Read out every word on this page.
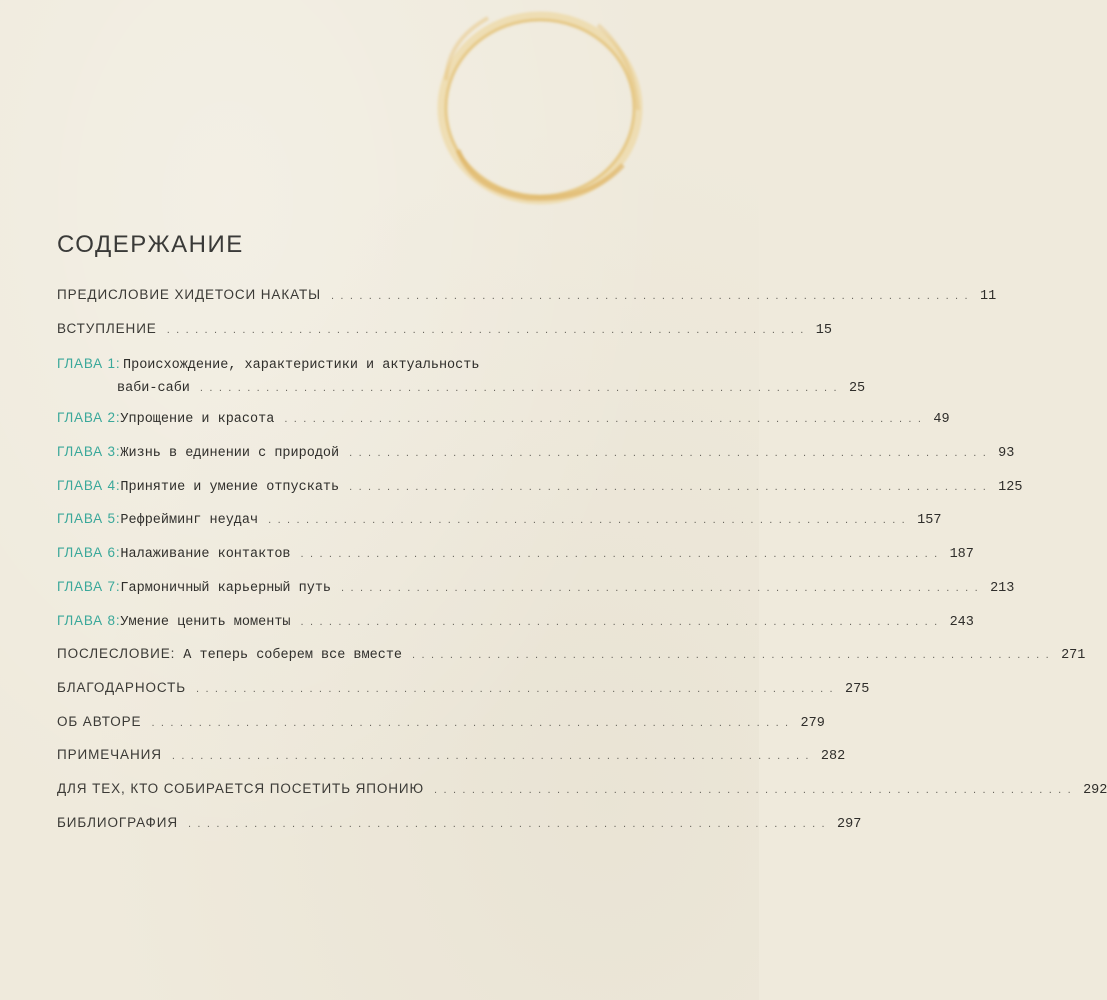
СОДЕРЖАНИЕ
ПРЕДИСЛОВИЕ ХИДЕТОСИ НАКАТЫ .................................................................... 11
ВСТУПЛЕНИЕ .................................................................... 15
ГЛАВА 1: Происхождение, характеристики и актуальность
ваби-саби .................................................................... 25
ГЛАВА 2: Упрощение и красота .................................................................... 49
ГЛАВА 3: Жизнь в единении с природой .................................................................... 93
ГЛАВА 4: Принятие и умение отпускать .................................................................... 125
ГЛАВА 5: Рефрейминг неудач .................................................................... 157
ГЛАВА 6: Налаживание контактов .................................................................... 187
ГЛАВА 7: Гармоничный карьерный путь .................................................................... 213
ГЛАВА 8: Умение ценить моменты .................................................................... 243
ПОСЛЕСЛОВИЕ: А теперь соберем все вместе .................................................................... 271
БЛАГОДАРНОСТЬ .................................................................... 275
ОБ АВТОРЕ .................................................................... 279
ПРИМЕЧАНИЯ .................................................................... 282
ДЛЯ ТЕХ, КТО СОБИРАЕТСЯ ПОСЕТИТЬ ЯПОНИЮ .................................................................... 292
БИБЛИОГРАФИЯ .................................................................... 297
